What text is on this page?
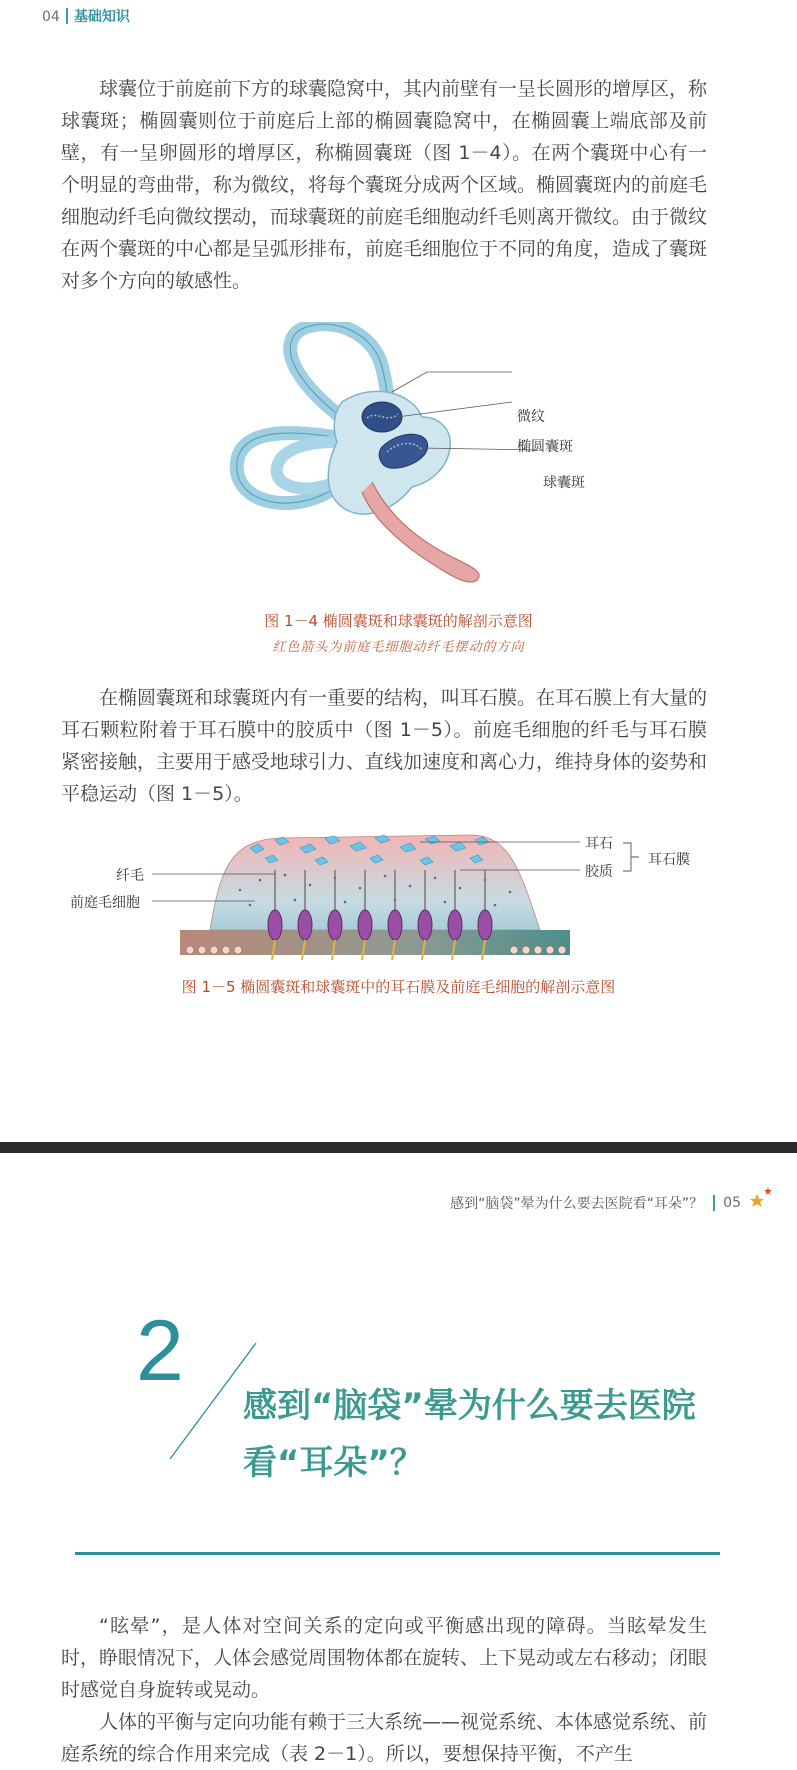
04 基础知识

球囊位于前庭前下方的球囊隐窝中，其内前壁有一呈长圆形的增厚区，称球囊斑；椭圆囊则位于前庭后上部的椭圆囊隐窝中，在椭圆囊上端底部及前壁，有一呈卵圆形的增厚区，称椭圆囊斑（图 1－4）。在两个囊斑中心有一个明显的弯曲带，称为微纹，将每个囊斑分成两个区域。椭圆囊斑内的前庭毛细胞动纤毛向微纹摆动，而球囊斑的前庭毛细胞动纤毛则离开微纹。由于微纹在两个囊斑的中心都是呈弧形排布，前庭毛细胞位于不同的角度，造成了囊斑对多个方向的敏感性。

微纹
椭圆囊斑
球囊斑

图 1－4 椭圆囊斑和球囊斑的解剖示意图

红色箭头为前庭毛细胞动纤毛摆动的方向

在椭圆囊斑和球囊斑内有一重要的结构，叫耳石膜。在耳石膜上有大量的耳石颗粒附着于耳石膜中的胶质中（图 1－5）。前庭毛细胞的纤毛与耳石膜紧密接触，主要用于感受地球引力、直线加速度和离心力，维持身体的姿势和平稳运动（图 1－5）。

耳石
胶质
耳石膜
纤毛
前庭毛细胞

图 1－5 椭圆囊斑和球囊斑中的耳石膜及前庭毛细胞的解剖示意图

感到“脑袋”晕为什么要去医院看“耳朵”？ 05
2
感到“脑袋”晕为什么要去医院看“耳朵”？

“眩晕”，是人体对空间关系的定向或平衡感出现的障碍。当眩晕发生时，睁眼情况下，人体会感觉周围物体都在旋转、上下晃动或左右移动；闭眼时感觉自身旋转或晃动。

人体的平衡与定向功能有赖于三大系统——视觉系统、本体感觉系统、前庭系统的综合作用来完成（表 2－1）。所以，要想保持平衡，不产生
